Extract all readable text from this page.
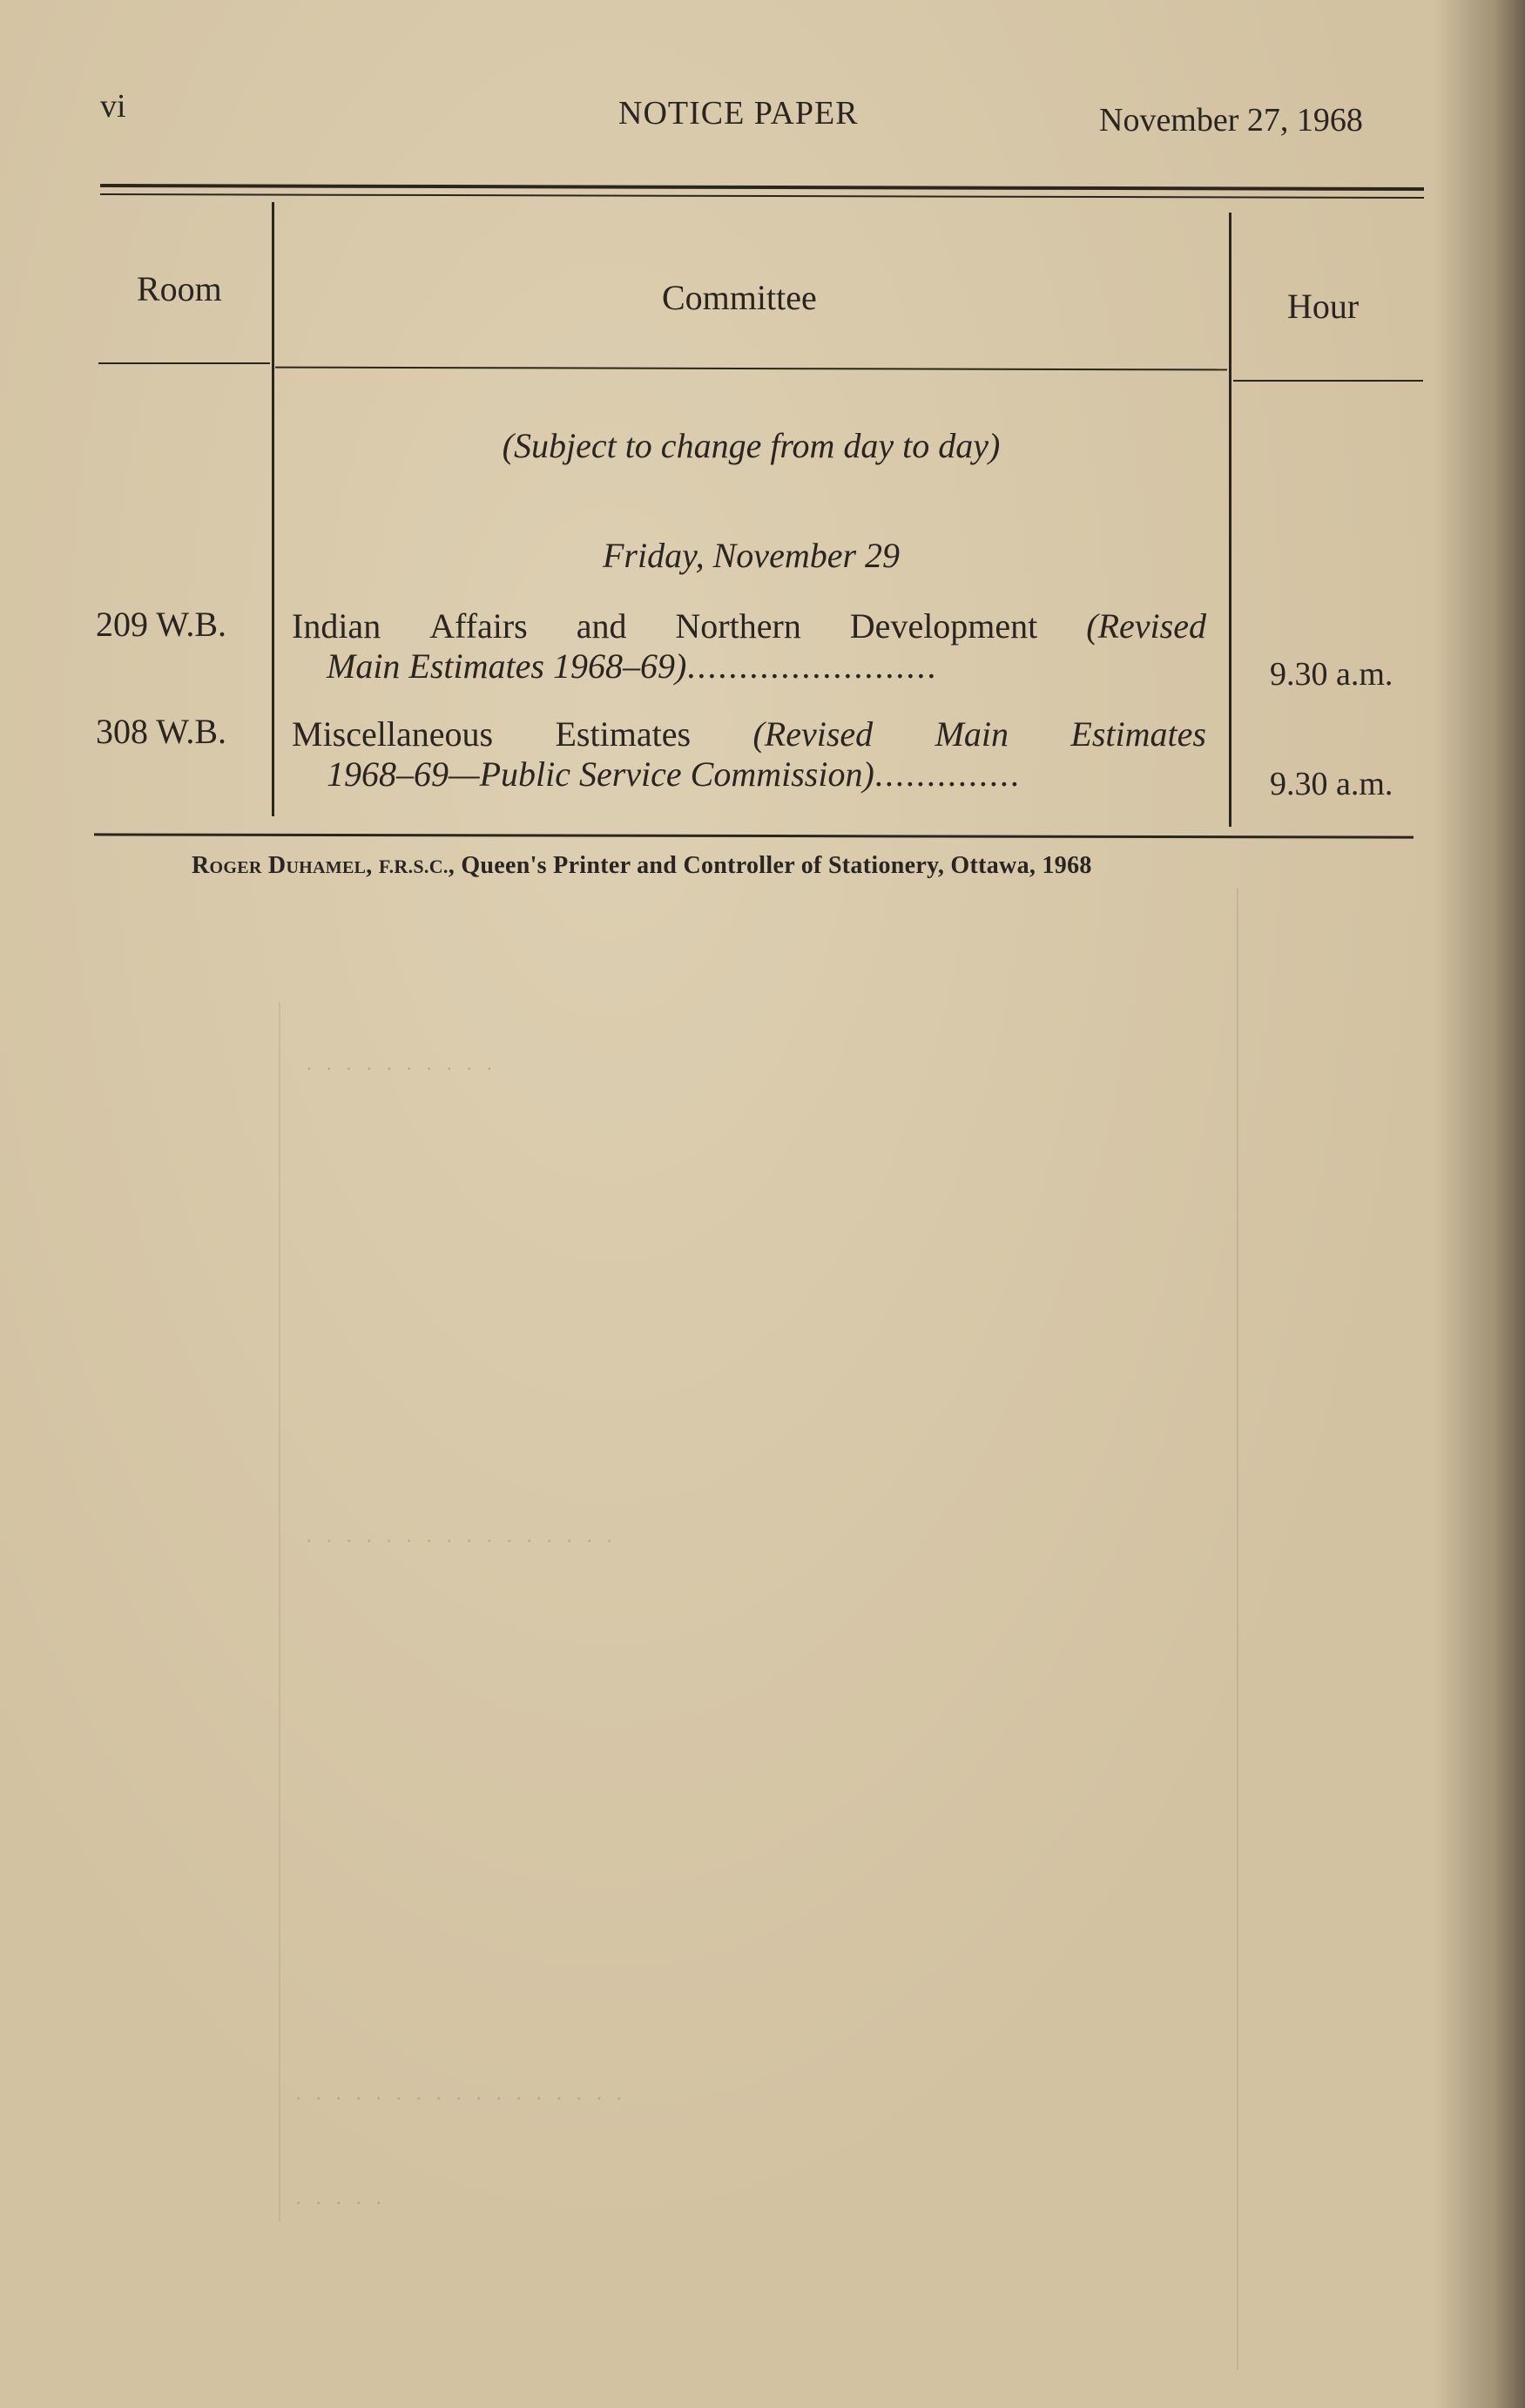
vi	NOTICE PAPER	November 27, 1968
Room	Committee	Hour
(Subject to change from day to day)
Friday, November 29
209 W.B. Indian Affairs and Northern Development (Revised
Main Estimates 1968–69)........................	9.30 a.m.
308 W.B. Miscellaneous Estimates (Revised Main Estimates
1968–69—Public Service Commission)..............	9.30 a.m.
Roger Duhamel, F.R.S.C., Queen's Printer and Controller of Stationery, Ottawa, 1968
. . . . . . . . . .
. . . . . . . . . . . . . . . .
. . . . . . . . . . . . . . . . .
. . . . .
